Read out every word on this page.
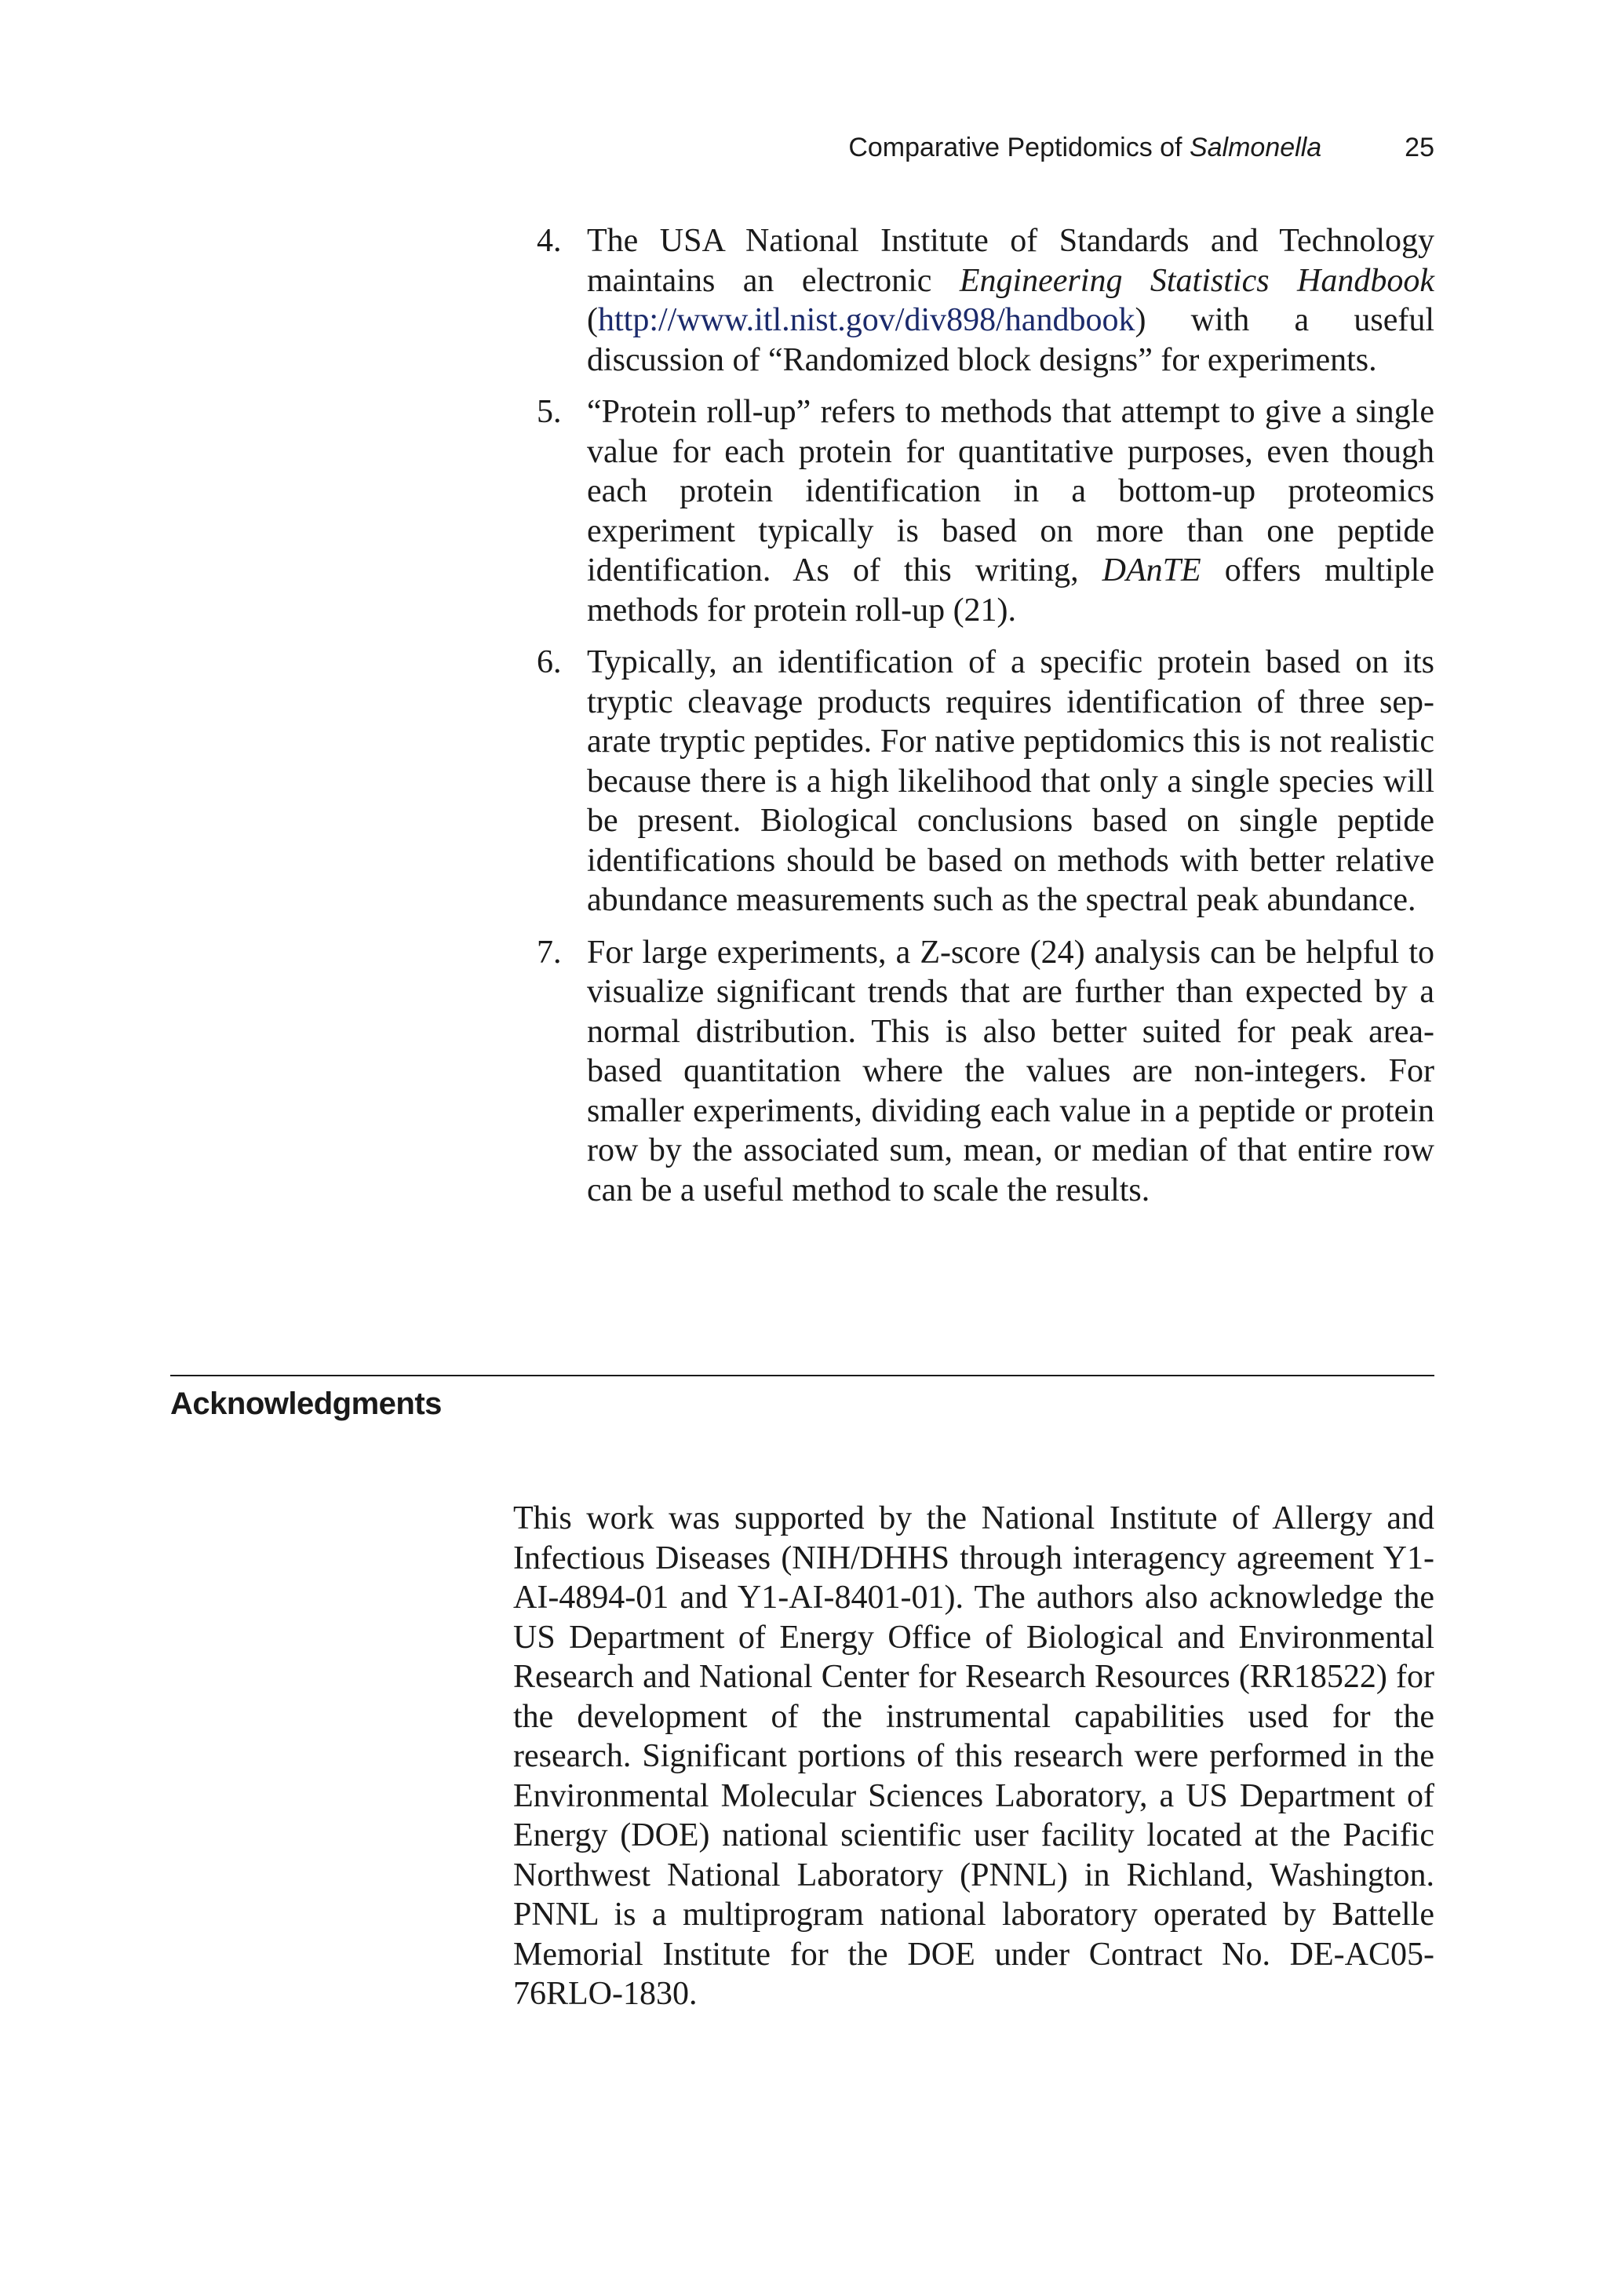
Comparative Peptidomics of Salmonella	25
4. The USA National Institute of Standards and Technology maintains an electronic Engineering Statistics Handbook (http://www.itl.nist.gov/div898/handbook) with a useful discussion of “Randomized block designs” for experiments.
5. “Protein roll-up” refers to methods that attempt to give a single value for each protein for quantitative purposes, even though each protein identification in a bottom-up proteomics experiment typically is based on more than one peptide identification. As of this writing, DAnTE offers multiple methods for protein roll-up (21).
6. Typically, an identification of a specific protein based on its tryptic cleavage products requires identification of three separate tryptic peptides. For native peptidomics this is not realistic because there is a high likelihood that only a single species will be present. Biological conclusions based on single peptide identifications should be based on methods with better relative abundance measurements such as the spectral peak abundance.
7. For large experiments, a Z-score (24) analysis can be helpful to visualize significant trends that are further than expected by a normal distribution. This is also better suited for peak area-based quantitation where the values are non-integers. For smaller experiments, dividing each value in a peptide or protein row by the associated sum, mean, or median of that entire row can be a useful method to scale the results.
Acknowledgments

This work was supported by the National Institute of Allergy and Infectious Diseases (NIH/DHHS through interagency agreement Y1-AI-4894-01 and Y1-AI-8401-01). The authors also acknowledge the US Department of Energy Office of Biological and Environmental Research and National Center for Research Resources (RR18522) for the development of the instrumental capabilities used for the research. Significant portions of this research were performed in the Environmental Molecular Sciences Laboratory, a US Department of Energy (DOE) national scientific user facility located at the Pacific Northwest National Laboratory (PNNL) in Richland, Washington. PNNL is a multiprogram national laboratory operated by Battelle Memorial Institute for the DOE under Contract No. DE-AC05-76RLO-1830.
